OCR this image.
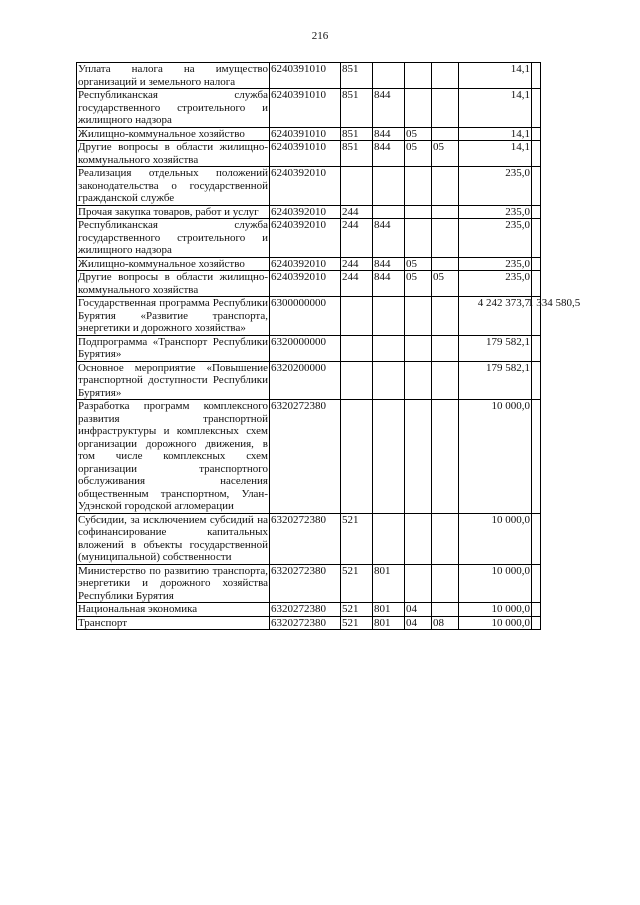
216
Уплата налога на имущество организаций и земельного налога	6240391010	851				14,1	

Республиканская служба государственного строительного и жилищного надзора	6240391010	851	844			14,1	

Жилищно-коммунальное хозяйство	6240391010	851	844	05		14,1	

Другие вопросы в области жилищно-коммунального хозяйства	6240391010	851	844	05	05	14,1	

Реализация отдельных положений законодательства о государственной гражданской службе	6240392010					235,0	

Прочая закупка товаров, работ и услуг	6240392010	244				235,0	

Республиканская служба государственного строительного и жилищного надзора	6240392010	244	844			235,0	

Жилищно-коммунальное хозяйство	6240392010	244	844	05		235,0	

Другие вопросы в области жилищно-коммунального хозяйства	6240392010	244	844	05	05	235,0	

Государственная программа Республики Бурятия «Развитие транспорта, энергетики и дорожного хозяйства»	6300000000					4 242 373,7	1 334 580,5

Подпрограмма «Транспорт Республики Бурятия»	6320000000					179 582,1	

Основное мероприятие «Повышение транспортной доступности Республики Бурятия»	6320200000					179 582,1	

Разработка программ комплексного развития транспортной инфраструктуры и комплексных схем организации дорожного движения, в том числе комплексных схем организации транспортного обслуживания населения общественным транспортном, Улан-Удэнской городской агломерации	6320272380					10 000,0	

Субсидии, за исключением субсидий на софинансирование капитальных вложений в объекты государственной (муниципальной) собственности	6320272380	521				10 000,0	

Министерство по развитию транспорта, энергетики и дорожного хозяйства Республики Бурятия	6320272380	521	801			10 000,0	

Национальная экономика	6320272380	521	801	04		10 000,0	

Транспорт	6320272380	521	801	04	08	10 000,0	
